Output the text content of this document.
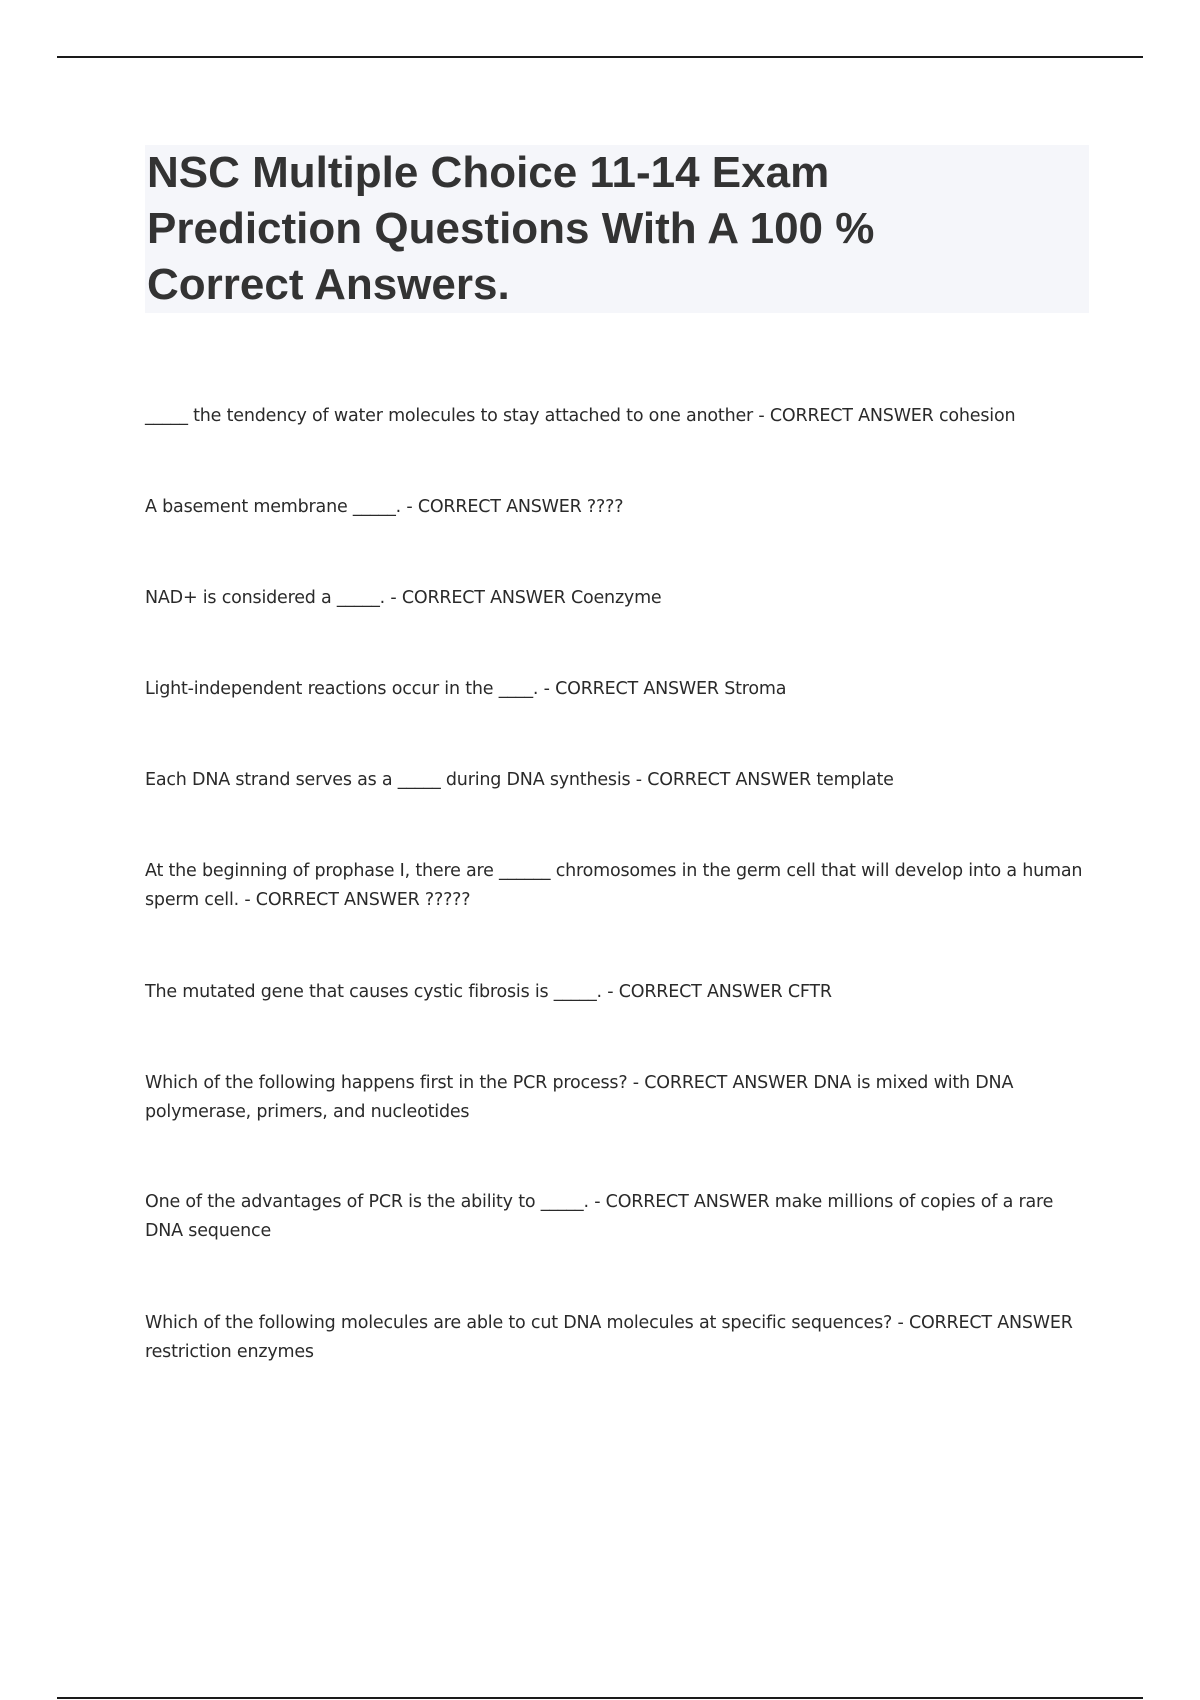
NSC Multiple Choice 11-14 Exam
Prediction Questions With A 100 %
Correct Answers.
_____ the tendency of water molecules to stay attached to one another - CORRECT ANSWER cohesion
A basement membrane _____. - CORRECT ANSWER ????
NAD+ is considered a _____. - CORRECT ANSWER Coenzyme
Light-independent reactions occur in the ____. - CORRECT ANSWER Stroma
Each DNA strand serves as a _____ during DNA synthesis - CORRECT ANSWER template
At the beginning of prophase I, there are ______ chromosomes in the germ cell that will develop into a human sperm cell. - CORRECT ANSWER ?????
The mutated gene that causes cystic fibrosis is _____. - CORRECT ANSWER CFTR
Which of the following happens first in the PCR process? - CORRECT ANSWER DNA is mixed with DNA polymerase, primers, and nucleotides
One of the advantages of PCR is the ability to _____. - CORRECT ANSWER make millions of copies of a rare DNA sequence
Which of the following molecules are able to cut DNA molecules at specific sequences? - CORRECT ANSWER restriction enzymes
